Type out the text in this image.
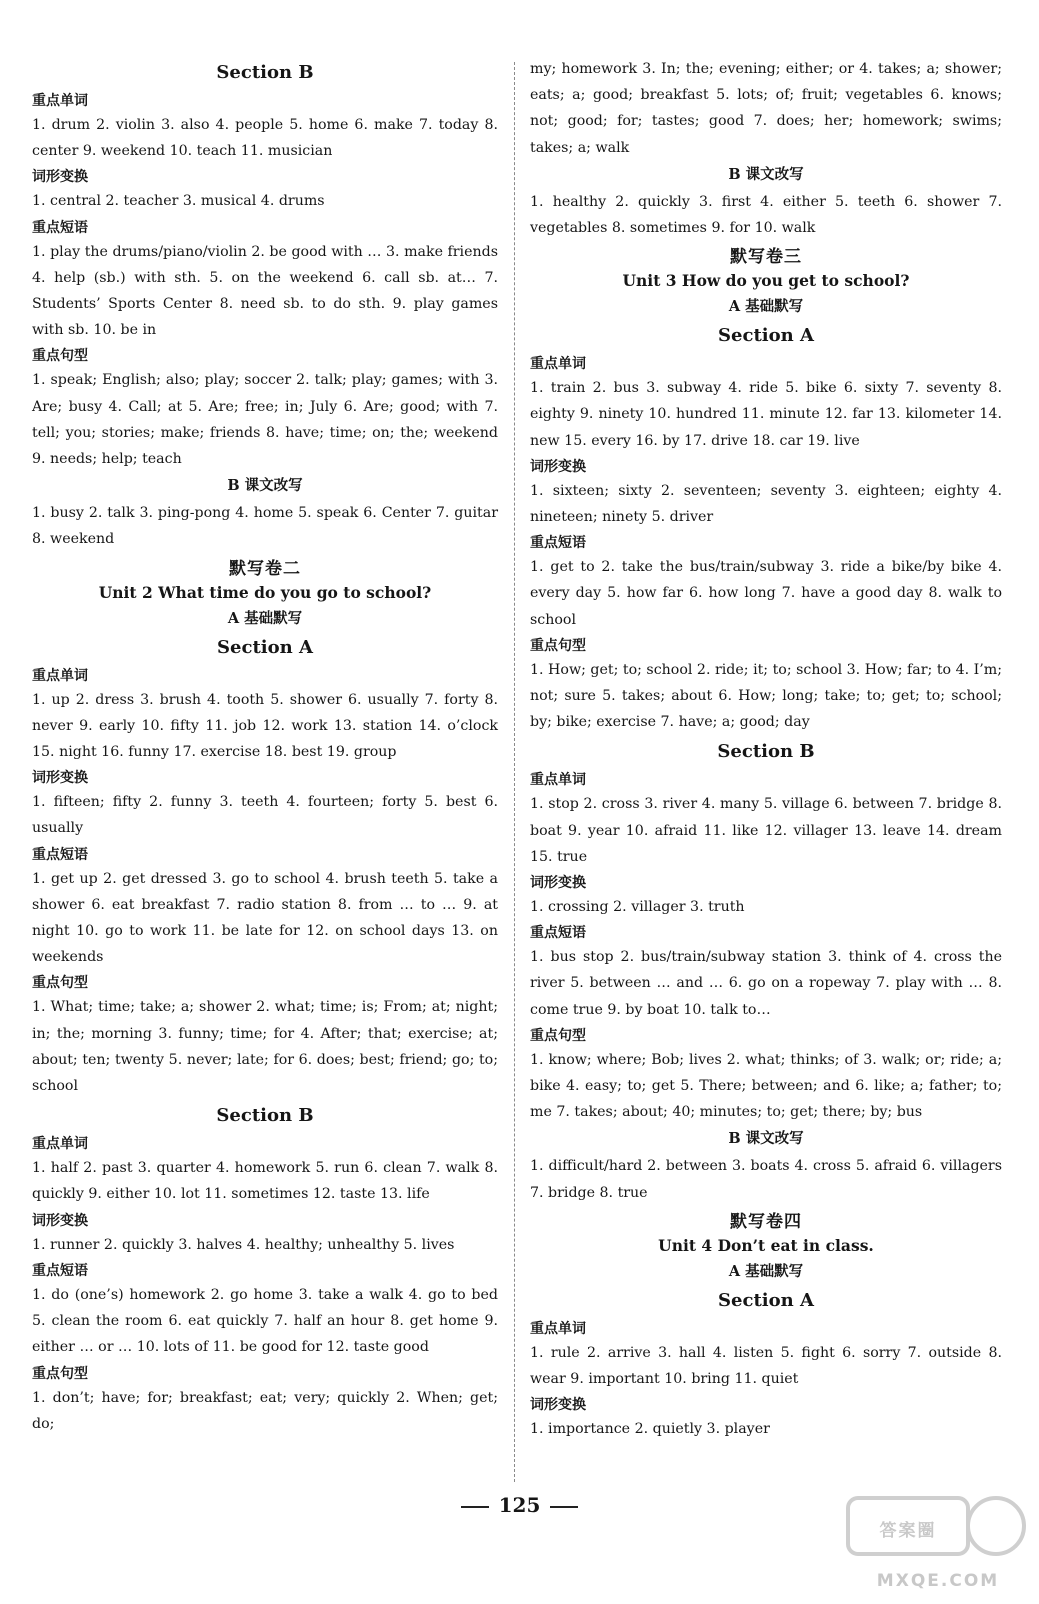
Section B
重点单词
1. drum 2. violin 3. also 4. people 5. home 6. make 7. today 8. center 9. weekend 10. teach 11. musician
词形变换
1. central 2. teacher 3. musical 4. drums
重点短语
1. play the drums/piano/violin 2. be good with … 3. make friends 4. help (sb.) with sth. 5. on the weekend 6. call sb. at… 7. Students’ Sports Center 8. need sb. to do sth. 9. play games with sb. 10. be in
重点句型
1. speak; English; also; play; soccer 2. talk; play; games; with 3. Are; busy 4. Call; at 5. Are; free; in; July 6. Are; good; with 7. tell; you; stories; make; friends 8. have; time; on; the; weekend 9. needs; help; teach
B 课文改写
1. busy 2. talk 3. ping-pong 4. home 5. speak 6. Center 7. guitar 8. weekend
默写卷二
Unit 2 What time do you go to school?
A 基础默写
Section A
重点单词
1. up 2. dress 3. brush 4. tooth 5. shower 6. usually 7. forty 8. never 9. early 10. fifty 11. job 12. work 13. station 14. o’clock 15. night 16. funny 17. exercise 18. best 19. group
词形变换
1. fifteen; fifty 2. funny 3. teeth 4. fourteen; forty 5. best 6. usually
重点短语
1. get up 2. get dressed 3. go to school 4. brush teeth 5. take a shower 6. eat breakfast 7. radio station 8. from … to … 9. at night 10. go to work 11. be late for 12. on school days 13. on weekends
重点句型
1. What; time; take; a; shower 2. what; time; is; From; at; night; in; the; morning 3. funny; time; for 4. After; that; exercise; at; about; ten; twenty 5. never; late; for 6. does; best; friend; go; to; school
Section B
重点单词
1. half 2. past 3. quarter 4. homework 5. run 6. clean 7. walk 8. quickly 9. either 10. lot 11. sometimes 12. taste 13. life
词形变换
1. runner 2. quickly 3. halves 4. healthy; unhealthy 5. lives
重点短语
1. do (one’s) homework 2. go home 3. take a walk 4. go to bed 5. clean the room 6. eat quickly 7. half an hour 8. get home 9. either … or … 10. lots of 11. be good for 12. taste good
重点句型
1. don’t; have; for; breakfast; eat; very; quickly 2. When; get; do;
my; homework 3. In; the; evening; either; or 4. takes; a; shower; eats; a; good; breakfast 5. lots; of; fruit; vegetables 6. knows; not; good; for; tastes; good 7. does; her; homework; swims; takes; a; walk
B 课文改写
1. healthy 2. quickly 3. first 4. either 5. teeth 6. shower 7. vegetables 8. sometimes 9. for 10. walk
默写卷三
Unit 3 How do you get to school?
A 基础默写
Section A
重点单词
1. train 2. bus 3. subway 4. ride 5. bike 6. sixty 7. seventy 8. eighty 9. ninety 10. hundred 11. minute 12. far 13. kilometer 14. new 15. every 16. by 17. drive 18. car 19. live
词形变换
1. sixteen; sixty 2. seventeen; seventy 3. eighteen; eighty 4. nineteen; ninety 5. driver
重点短语
1. get to 2. take the bus/train/subway 3. ride a bike/by bike 4. every day 5. how far 6. how long 7. have a good day 8. walk to school
重点句型
1. How; get; to; school 2. ride; it; to; school 3. How; far; to 4. I’m; not; sure 5. takes; about 6. How; long; take; to; get; to; school; by; bike; exercise 7. have; a; good; day
Section B
重点单词
1. stop 2. cross 3. river 4. many 5. village 6. between 7. bridge 8. boat 9. year 10. afraid 11. like 12. villager 13. leave 14. dream 15. true
词形变换
1. crossing 2. villager 3. truth
重点短语
1. bus stop 2. bus/train/subway station 3. think of 4. cross the river 5. between … and … 6. go on a ropeway 7. play with … 8. come true 9. by boat 10. talk to…
重点句型
1. know; where; Bob; lives 2. what; thinks; of 3. walk; or; ride; a; bike 4. easy; to; get 5. There; between; and 6. like; a; father; to; me 7. takes; about; 40; minutes; to; get; there; by; bus
B 课文改写
1. difficult/hard 2. between 3. boats 4. cross 5. afraid 6. villagers 7. bridge 8. true
默写卷四
Unit 4 Don’t eat in class.
A 基础默写
Section A
重点单词
1. rule 2. arrive 3. hall 4. listen 5. fight 6. sorry 7. outside 8. wear 9. important 10. bring 11. quiet
词形变换
1. importance 2. quietly 3. player
125
答案圈
MXQE.COM
